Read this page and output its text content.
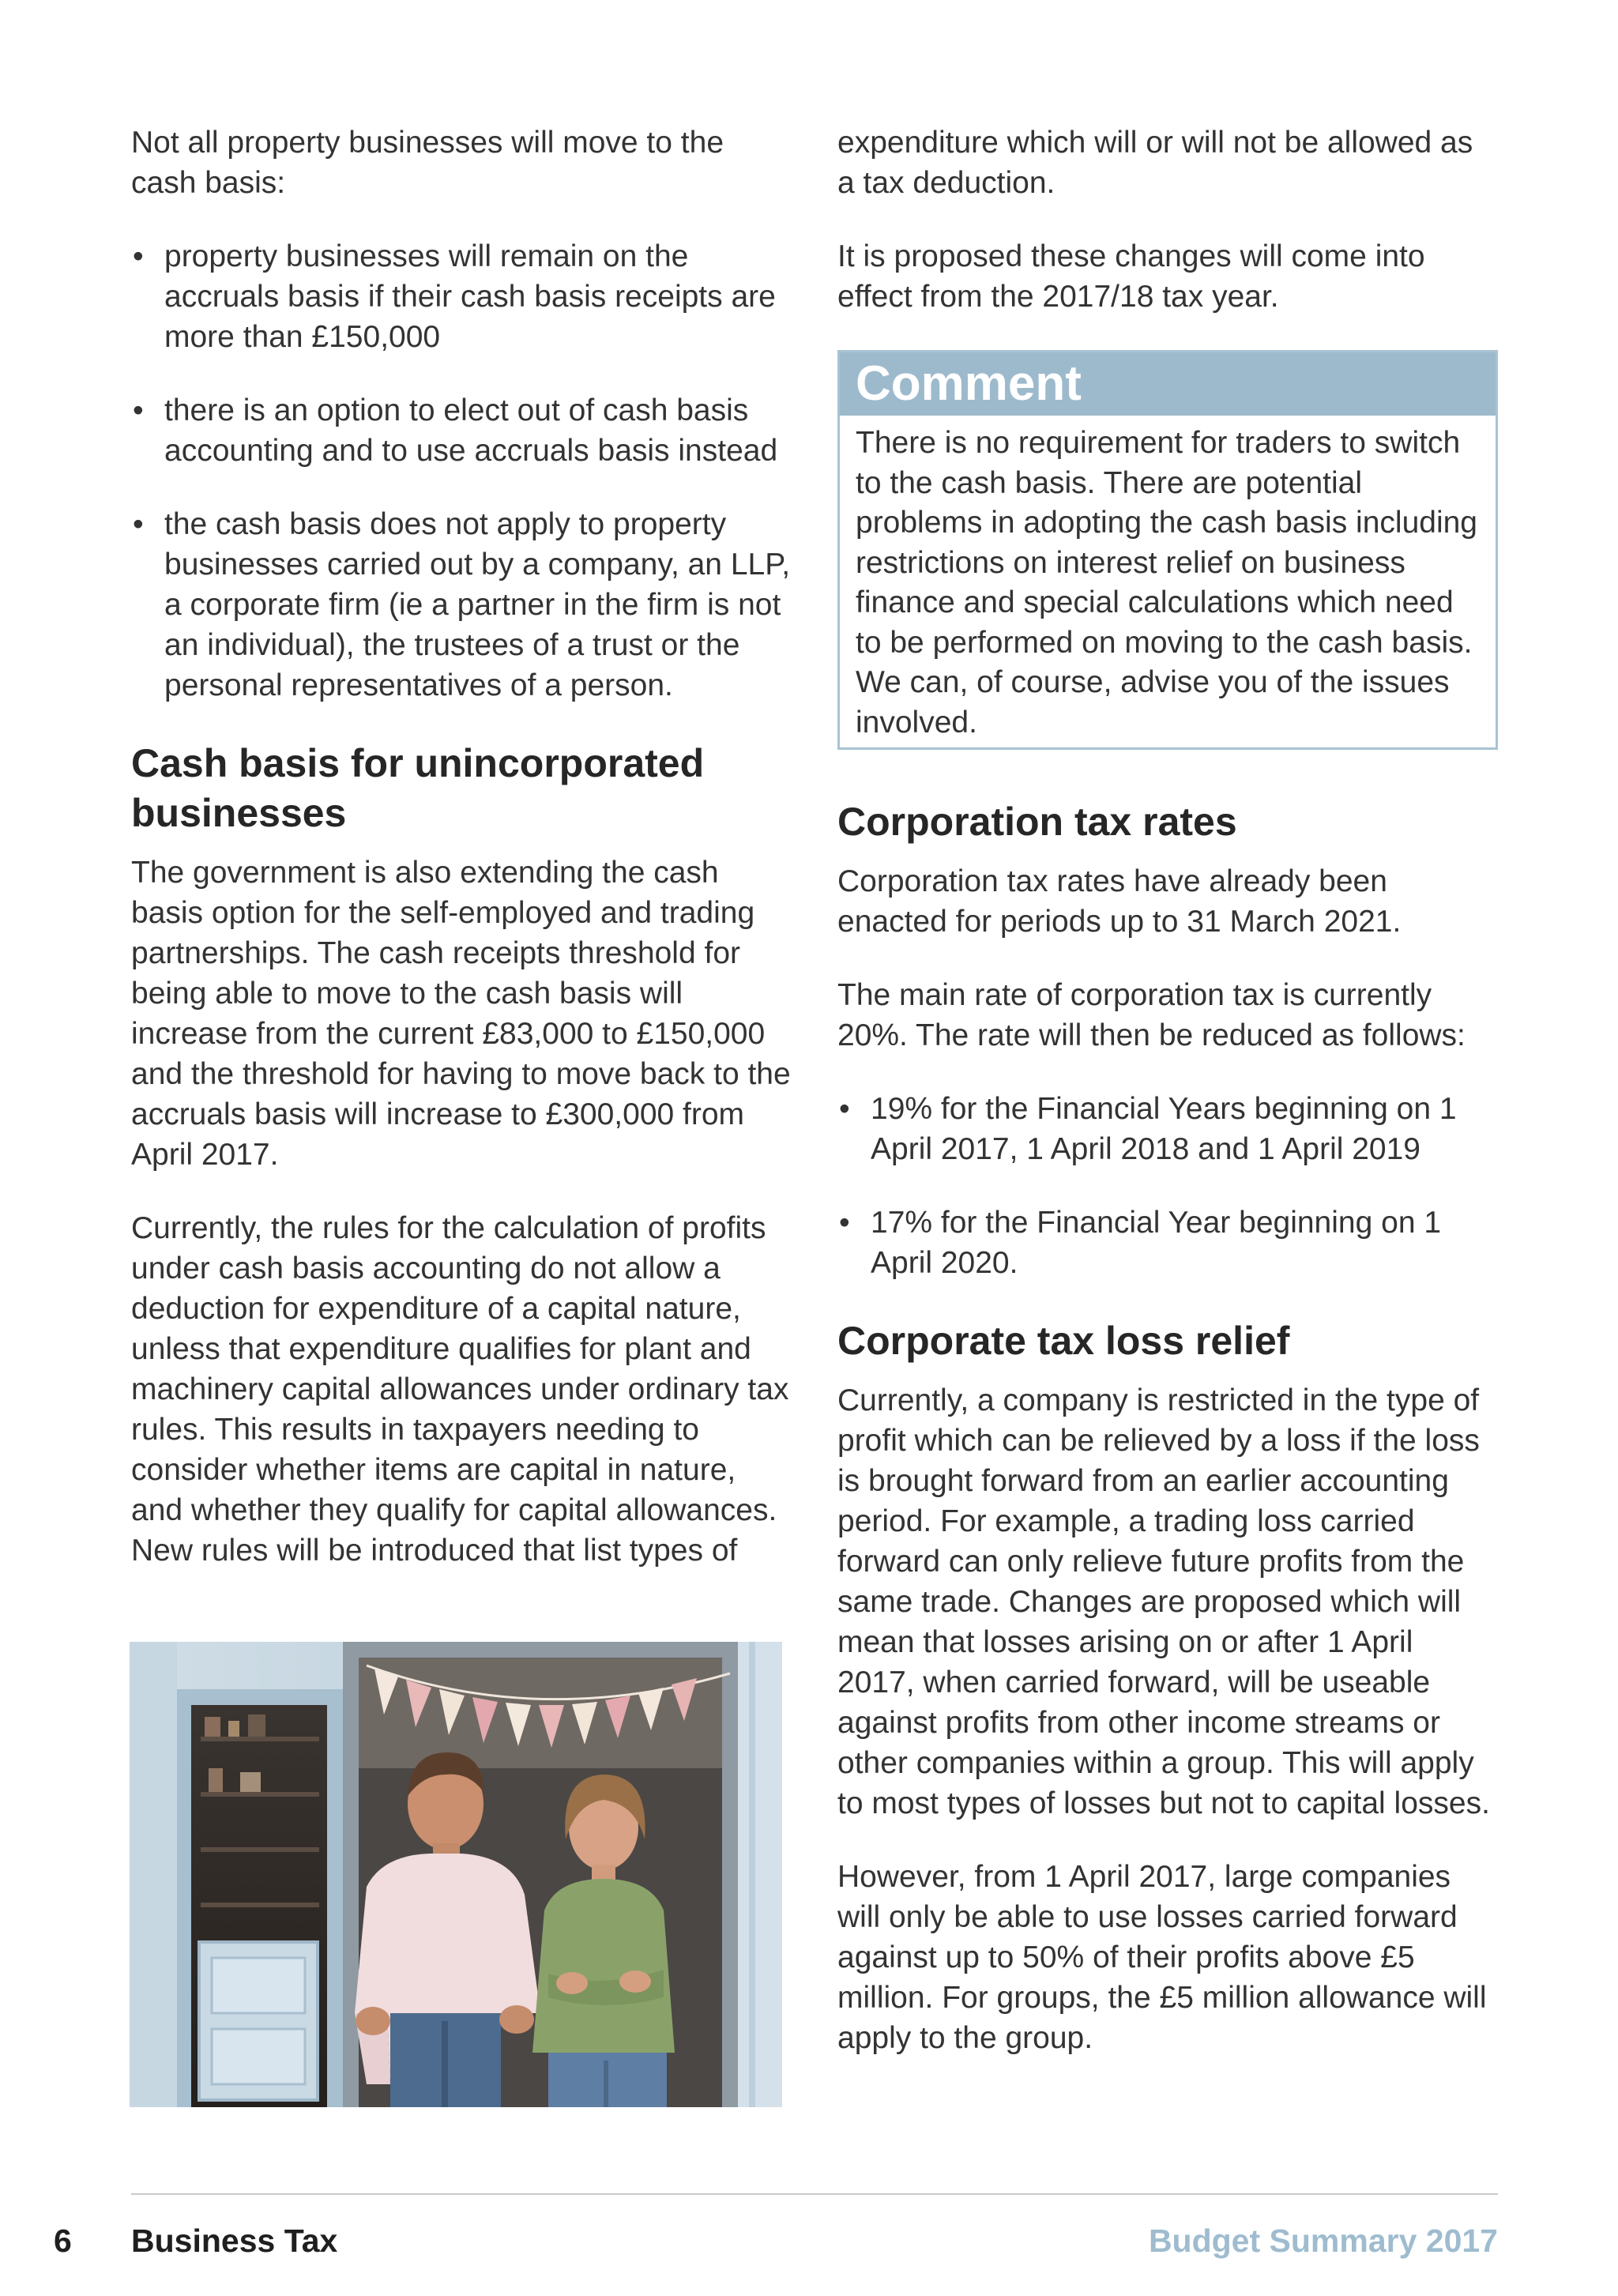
Not all property businesses will move to the cash basis:

• property businesses will remain on the accruals basis if their cash basis receipts are more than £150,000
• there is an option to elect out of cash basis accounting and to use accruals basis instead
• the cash basis does not apply to property businesses carried out by a company, an LLP, a corporate firm (ie a partner in the firm is not an individual), the trustees of a trust or the personal representatives of a person.
Cash basis for unincorporated businesses

The government is also extending the cash basis option for the self-employed and trading partnerships. The cash receipts threshold for being able to move to the cash basis will increase from the current £83,000 to £150,000 and the threshold for having to move back to the accruals basis will increase to £300,000 from April 2017.

Currently, the rules for the calculation of profits under cash basis accounting do not allow a deduction for expenditure of a capital nature, unless that expenditure qualifies for plant and machinery capital allowances under ordinary tax rules. This results in taxpayers needing to consider whether items are capital in nature, and whether they qualify for capital allowances. New rules will be introduced that list types of

expenditure which will or will not be allowed as a tax deduction.

It is proposed these changes will come into effect from the 2017/18 tax year.

Comment
There is no requirement for traders to switch to the cash basis. There are potential problems in adopting the cash basis including restrictions on interest relief on business finance and special calculations which need to be performed on moving to the cash basis. We can, of course, advise you of the issues involved.
Corporation tax rates

Corporation tax rates have already been enacted for periods up to 31 March 2021.

The main rate of corporation tax is currently 20%. The rate will then be reduced as follows:

• 19% for the Financial Years beginning on 1 April 2017, 1 April 2018 and 1 April 2019
• 17% for the Financial Year beginning on 1 April 2020.
Corporate tax loss relief

Currently, a company is restricted in the type of profit which can be relieved by a loss if the loss is brought forward from an earlier accounting period. For example, a trading loss carried forward can only relieve future profits from the same trade. Changes are proposed which will mean that losses arising on or after 1 April 2017, when carried forward, will be useable against profits from other income streams or other companies within a group. This will apply to most types of losses but not to capital losses.

However, from 1 April 2017, large companies will only be able to use losses carried forward against up to 50% of their profits above £5 million. For groups, the £5 million allowance will apply to the group.

6 Business Tax	Budget Summary 2017
